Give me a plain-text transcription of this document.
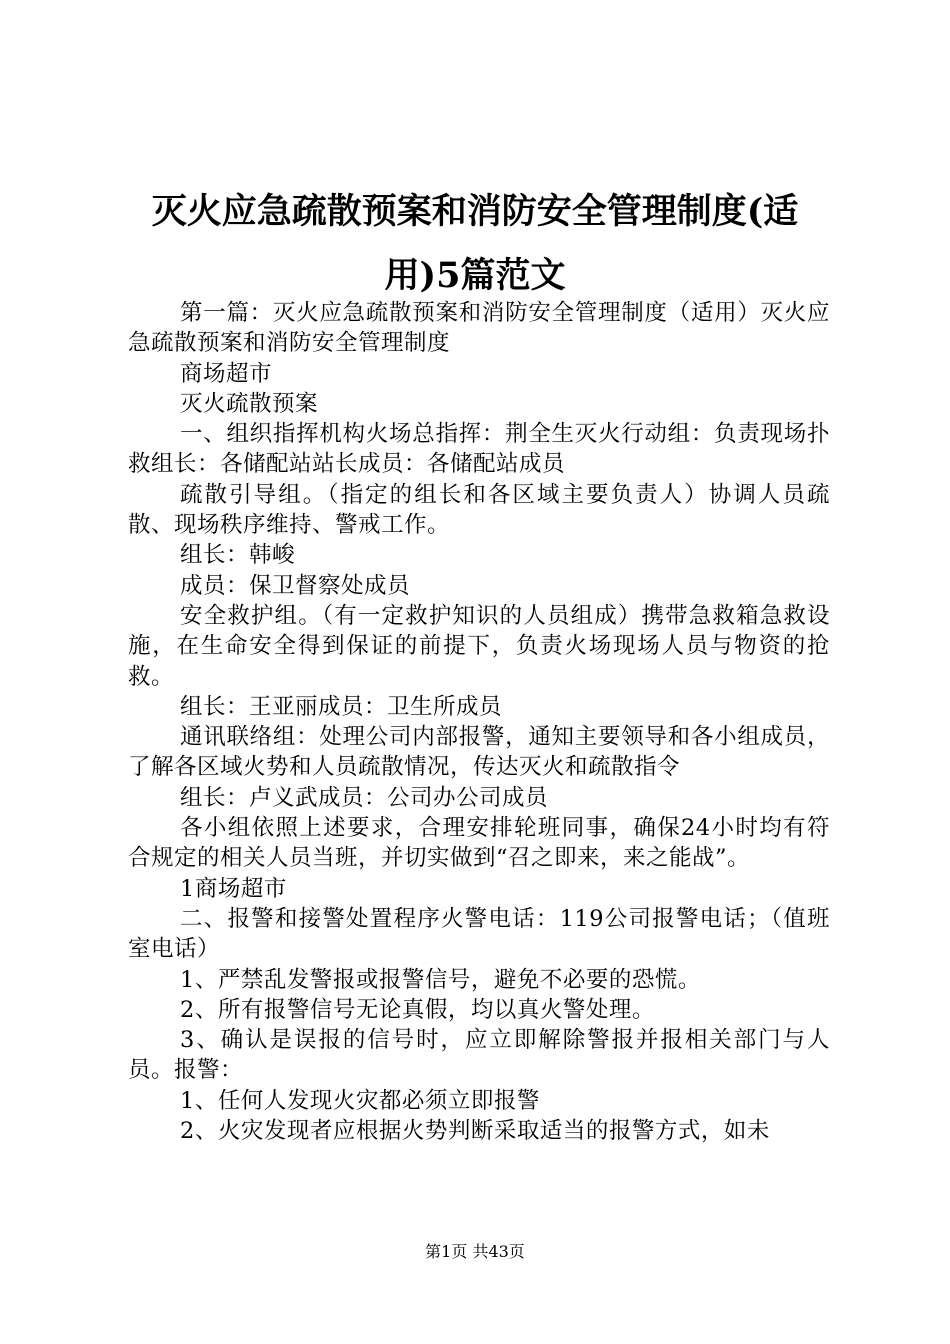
灭火应急疏散预案和消防安全管理制度(适用)5篇范文

第一篇：灭火应急疏散预案和消防安全管理制度（适用）灭火应急疏散预案和消防安全管理制度

商场超市

灭火疏散预案

一、组织指挥机构火场总指挥：荆全生灭火行动组：负责现场扑救组长：各储配站站长成员：各储配站成员

疏散引导组。（指定的组长和各区域主要负责人）协调人员疏散、现场秩序维持、警戒工作。

组长：韩峻

成员：保卫督察处成员

安全救护组。（有一定救护知识的人员组成）携带急救箱急救设施，在生命安全得到保证的前提下，负责火场现场人员与物资的抢救。

组长：王亚丽成员：卫生所成员

通讯联络组：处理公司内部报警，通知主要领导和各小组成员，了解各区域火势和人员疏散情况，传达灭火和疏散指令

组长：卢义武成员：公司办公司成员

各小组依照上述要求，合理安排轮班同事，确保24小时均有符合规定的相关人员当班，并切实做到“召之即来，来之能战”。

1商场超市

二、报警和接警处置程序火警电话：119公司报警电话；（值班室电话）

1、严禁乱发警报或报警信号，避免不必要的恐慌。

2、所有报警信号无论真假，均以真火警处理。

3、确认是误报的信号时，应立即解除警报并报相关部门与人员。报警：

1、任何人发现火灾都必须立即报警

2、火灾发现者应根据火势判断采取适当的报警方式，如未

第1页 共43页
